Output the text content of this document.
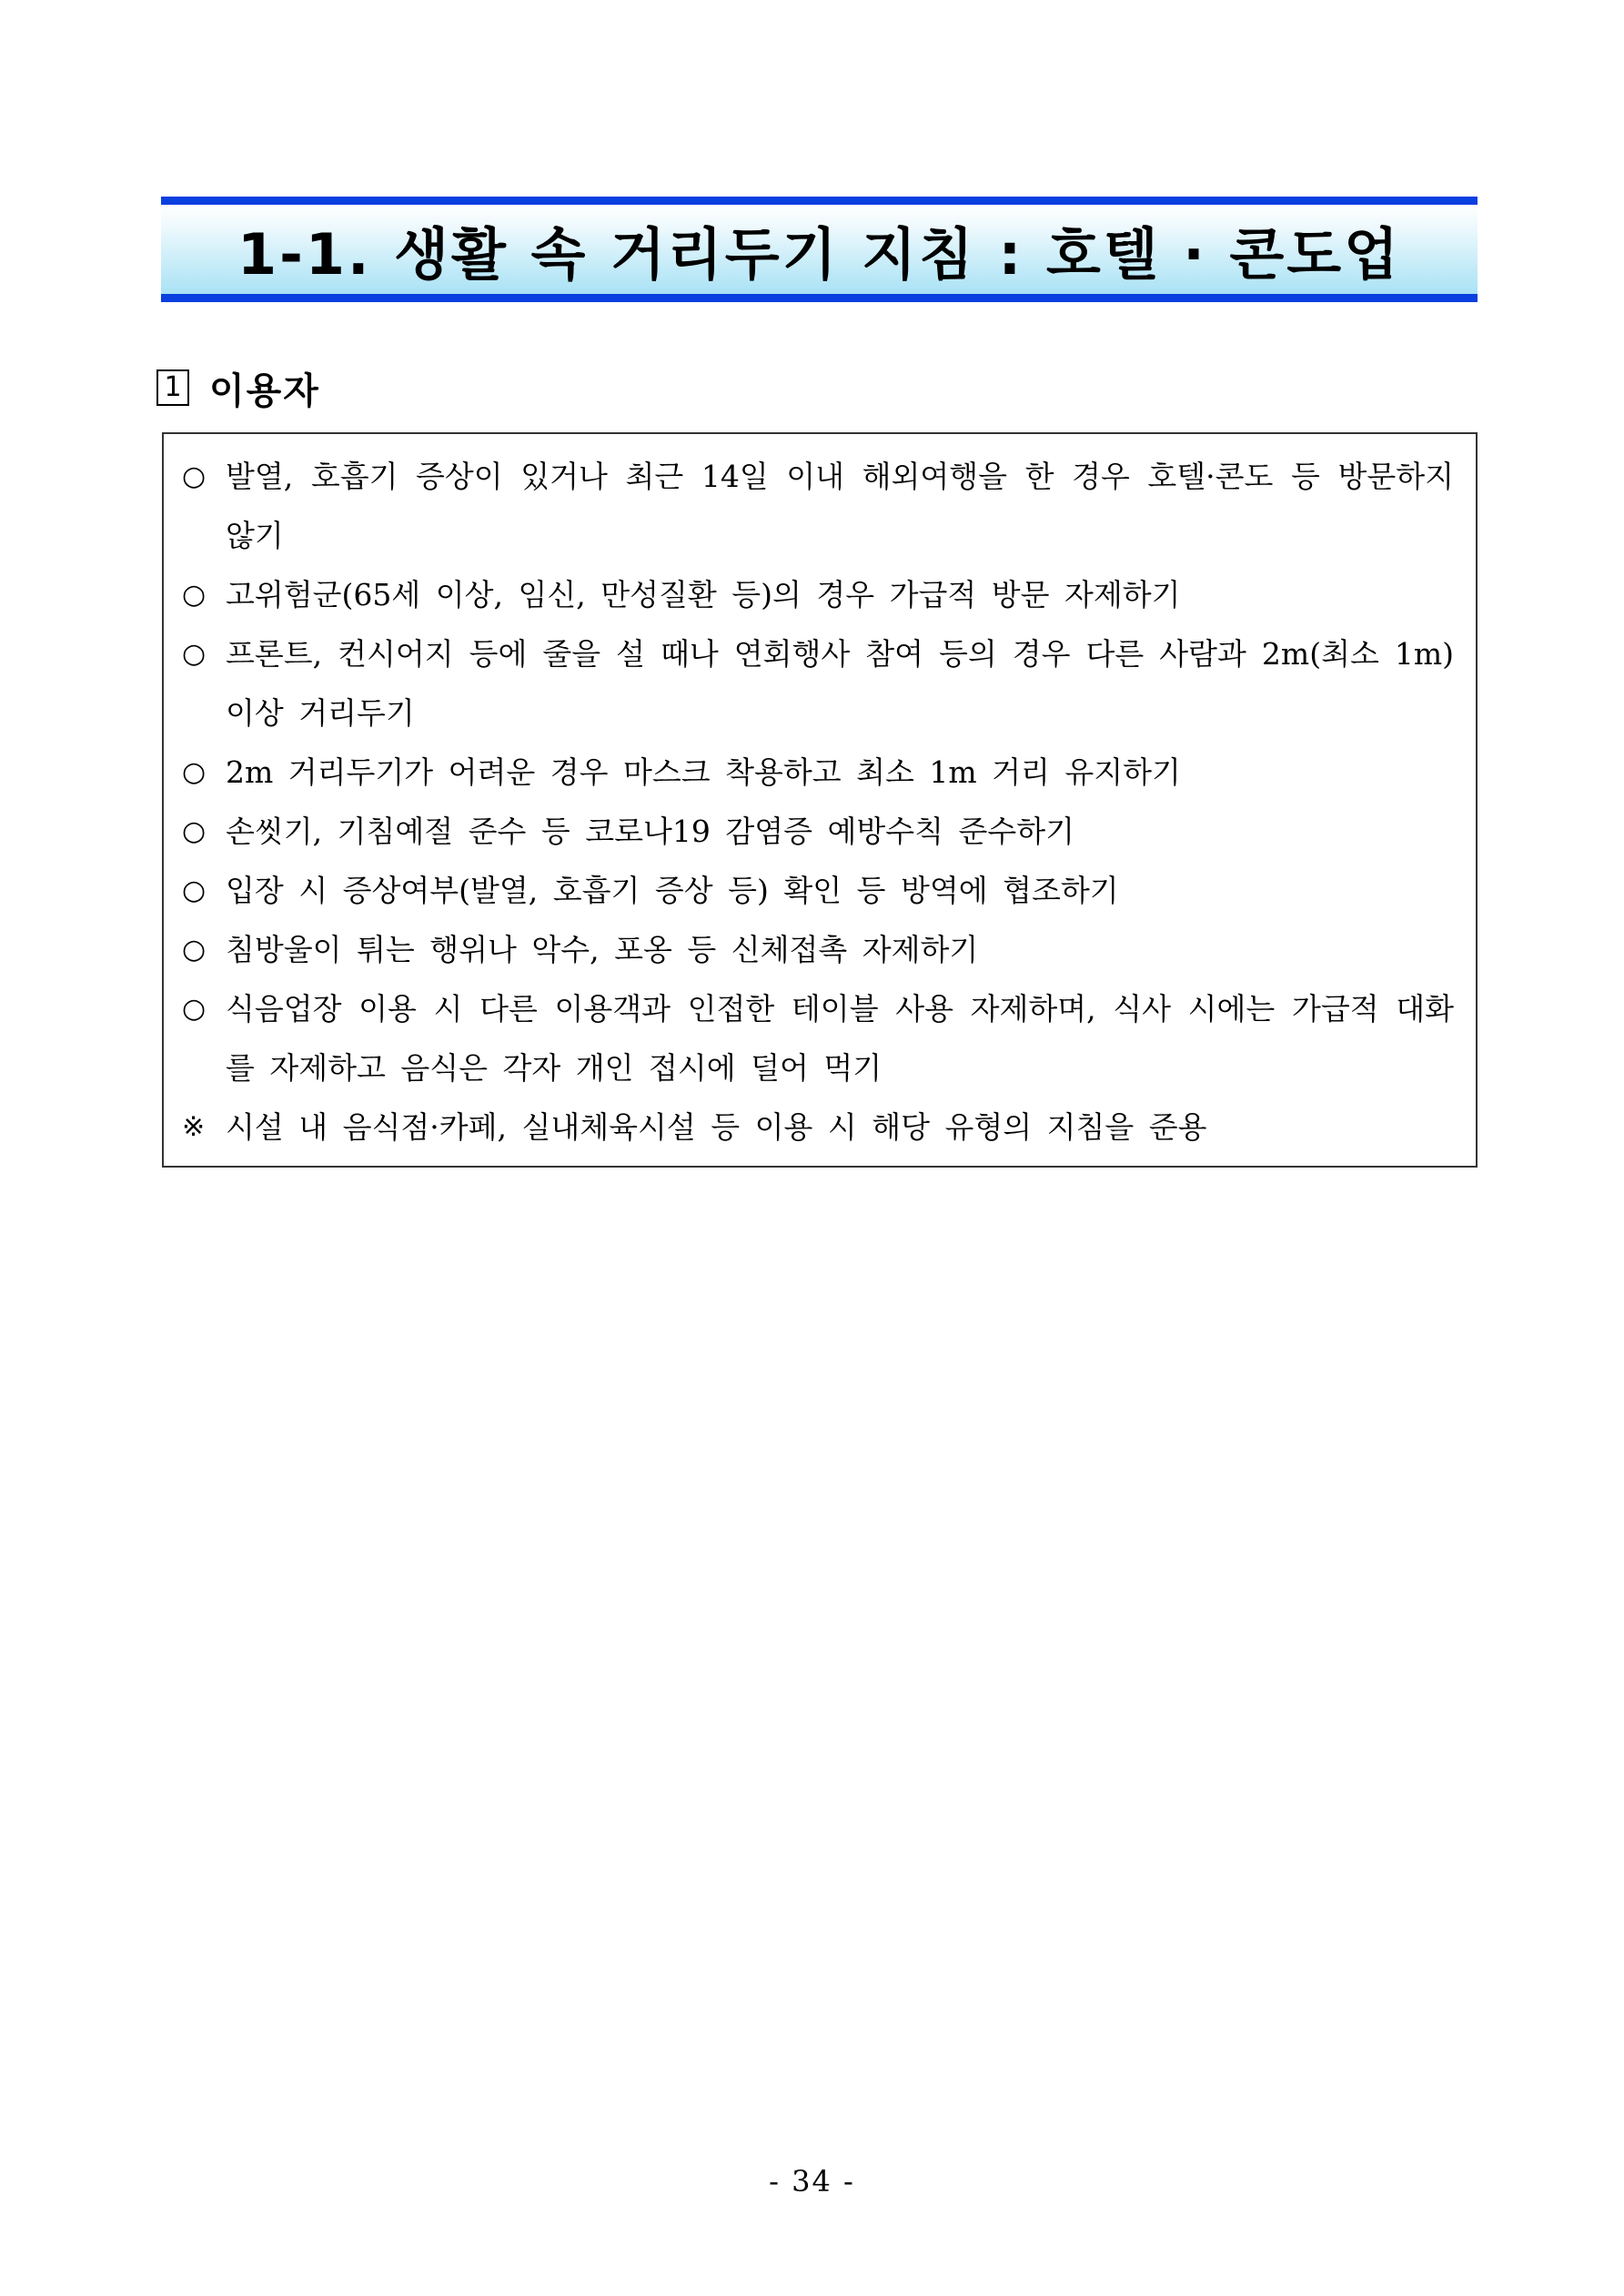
1-1. 생활 속 거리두기 지침 : 호텔 · 콘도업
1 이용자
○ 발열, 호흡기 증상이 있거나 최근 14일 이내 해외여행을 한 경우 호텔·콘도 등 방문하지 않기
○ 고위험군(65세 이상, 임신, 만성질환 등)의 경우 가급적 방문 자제하기
○ 프론트, 컨시어지 등에 줄을 설 때나 연회행사 참여 등의 경우 다른 사람과 2m(최소 1m) 이상 거리두기
○ 2m 거리두기가 어려운 경우 마스크 착용하고 최소 1m 거리 유지하기
○ 손씻기, 기침예절 준수 등 코로나19 감염증 예방수칙 준수하기
○ 입장 시 증상여부(발열, 호흡기 증상 등) 확인 등 방역에 협조하기
○ 침방울이 튀는 행위나 악수, 포옹 등 신체접촉 자제하기
○ 식음업장 이용 시 다른 이용객과 인접한 테이블 사용 자제하며, 식사 시에는 가급적 대화를 자제하고 음식은 각자 개인 접시에 덜어 먹기
※ 시설 내 음식점·카페, 실내체육시설 등 이용 시 해당 유형의 지침을 준용
- 34 -
